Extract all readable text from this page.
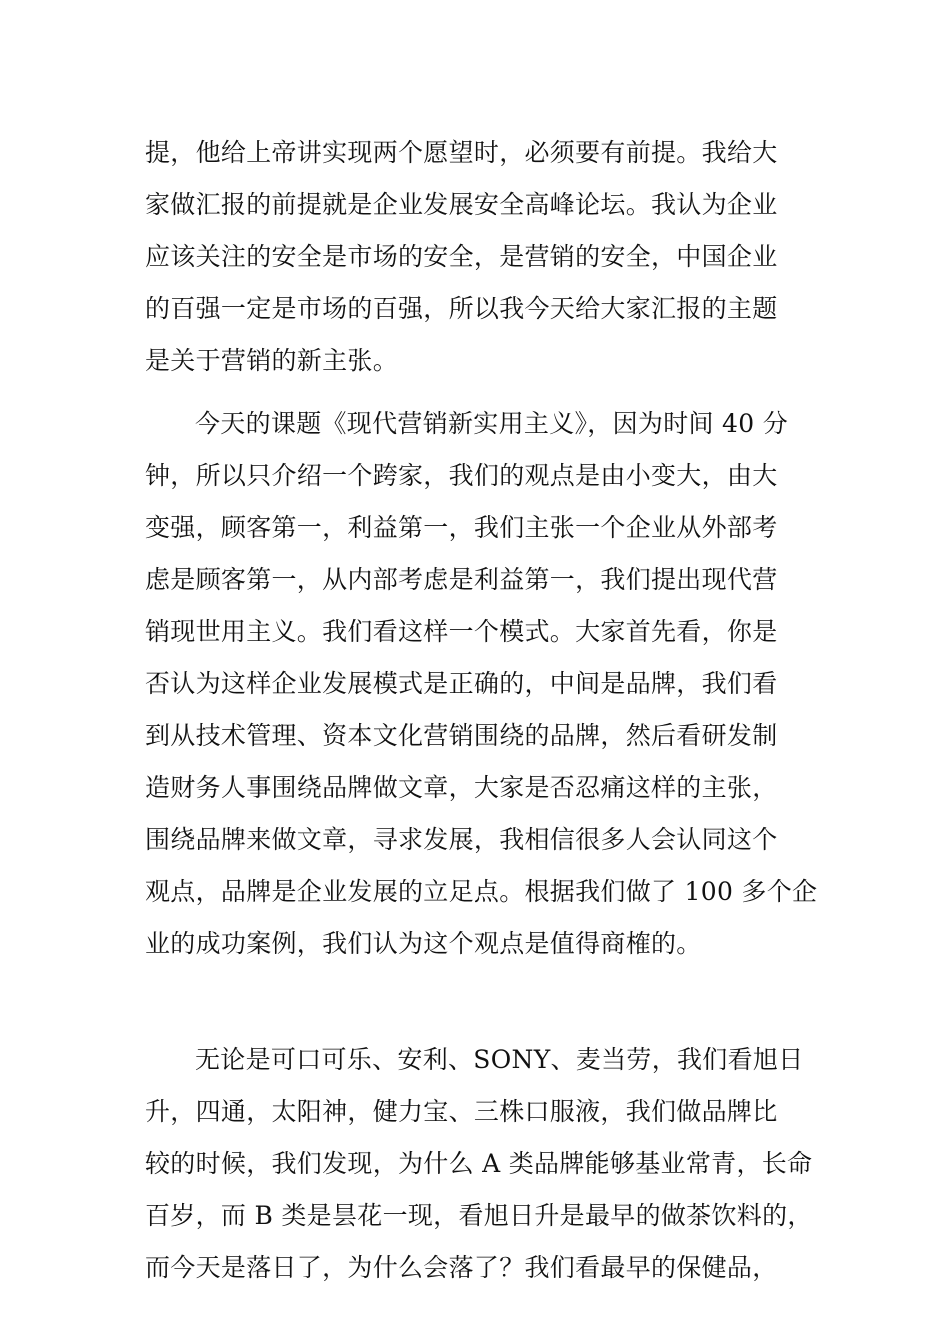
提，他给上帝讲实现两个愿望时，必须要有前提。我给大
家做汇报的前提就是企业发展安全高峰论坛。我认为企业
应该关注的安全是市场的安全，是营销的安全，中国企业
的百强一定是市场的百强，所以我今天给大家汇报的主题
是关于营销的新主张。
今天的课题《现代营销新实用主义》，因为时间 40 分
钟，所以只介绍一个跨家，我们的观点是由小变大，由大
变强，顾客第一，利益第一，我们主张一个企业从外部考
虑是顾客第一，从内部考虑是利益第一，我们提出现代营
销现世用主义。我们看这样一个模式。大家首先看，你是
否认为这样企业发展模式是正确的，中间是品牌，我们看
到从技术管理、资本文化营销围绕的品牌，然后看研发制
造财务人事围绕品牌做文章，大家是否忍痛这样的主张，
围绕品牌来做文章，寻求发展，我相信很多人会认同这个
观点，品牌是企业发展的立足点。根据我们做了 100 多个企
业的成功案例，我们认为这个观点是值得商榷的。
无论是可口可乐、安利、SONY、麦当劳，我们看旭日
升，四通，太阳神，健力宝、三株口服液，我们做品牌比
较的时候，我们发现，为什么 A 类品牌能够基业常青，长命
百岁，而 B 类是昙花一现，看旭日升是最早的做茶饮料的，
而今天是落日了，为什么会落了？我们看最早的保健品，
